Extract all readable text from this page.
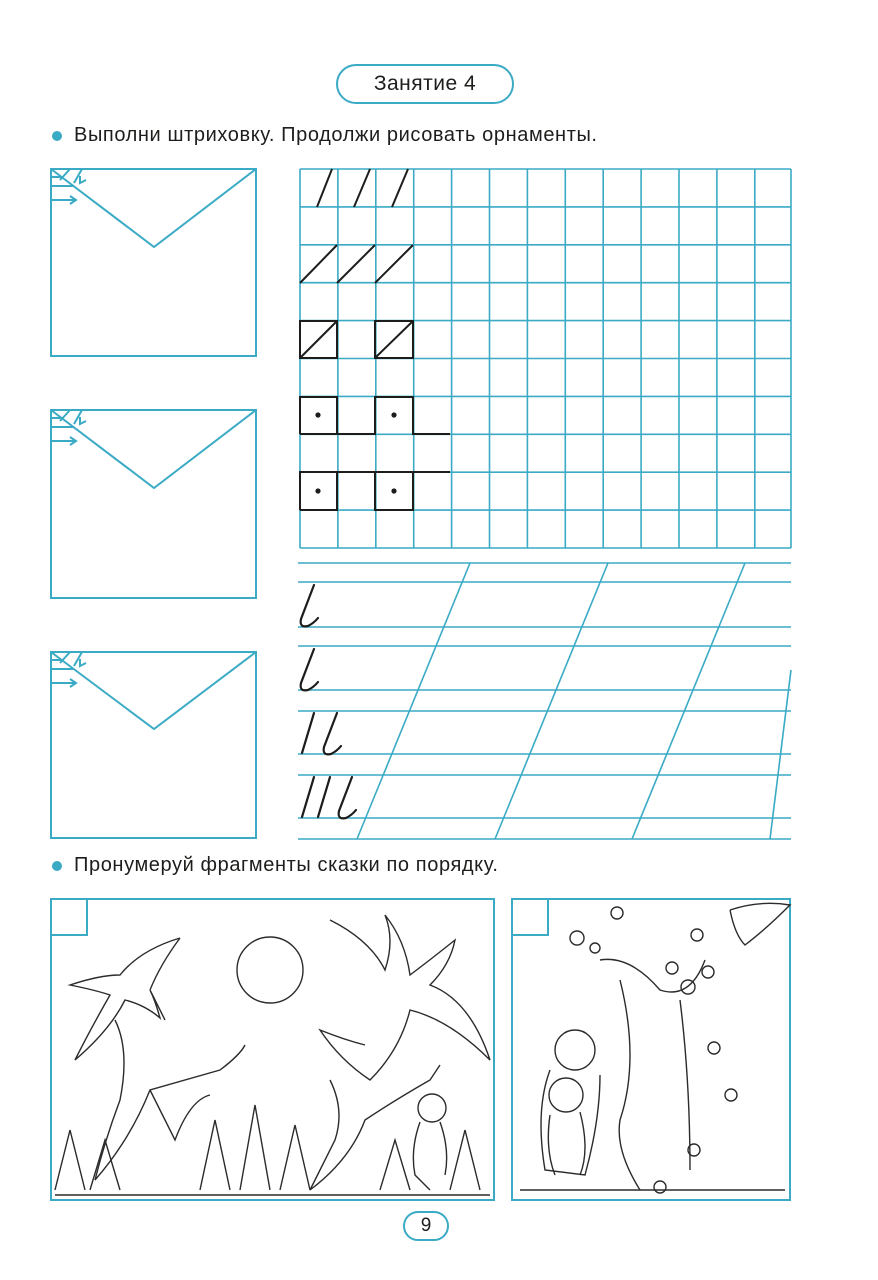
Занятие 4
Выполни штриховку. Продолжи рисовать орнаменты.
Пронумеруй фрагменты сказки по порядку.
9
